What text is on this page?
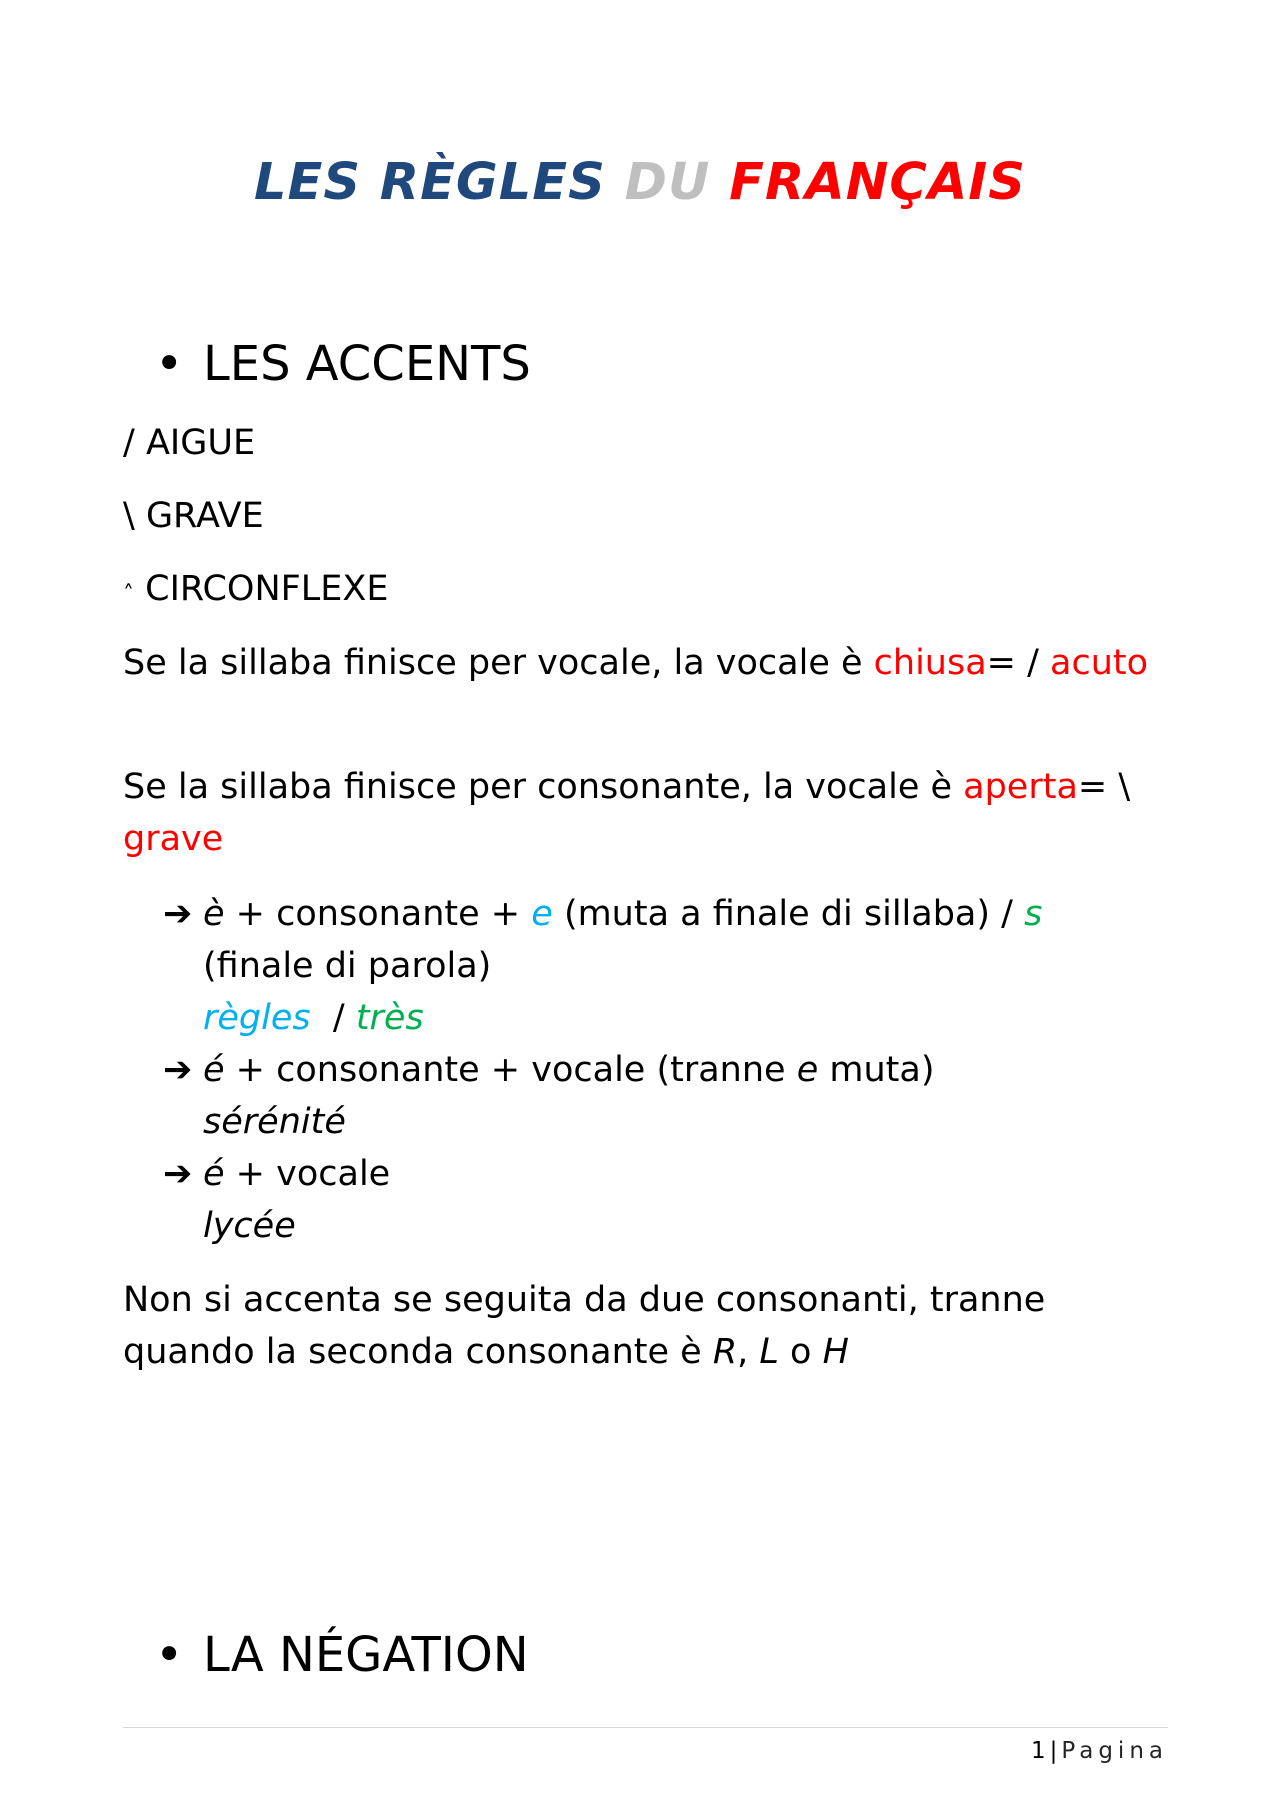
LES RÈGLES DU FRANÇAIS
• LES ACCENTS
/ AIGUE
\ GRAVE
˄ CIRCONFLEXE
Se la sillaba finisce per vocale, la vocale è chiusa= / acuto
Se la sillaba finisce per consonante, la vocale è aperta= \ grave
➔ è + consonante + e (muta a finale di sillaba) / s
(finale di parola)
règles  / très
➔ é + consonante + vocale (tranne e muta)
sérénité
➔ é + vocale
lycée
Non si accenta se seguita da due consonanti, tranne quando la seconda consonante è R, L o H
• LA NÉGATION
1 | Pagina
